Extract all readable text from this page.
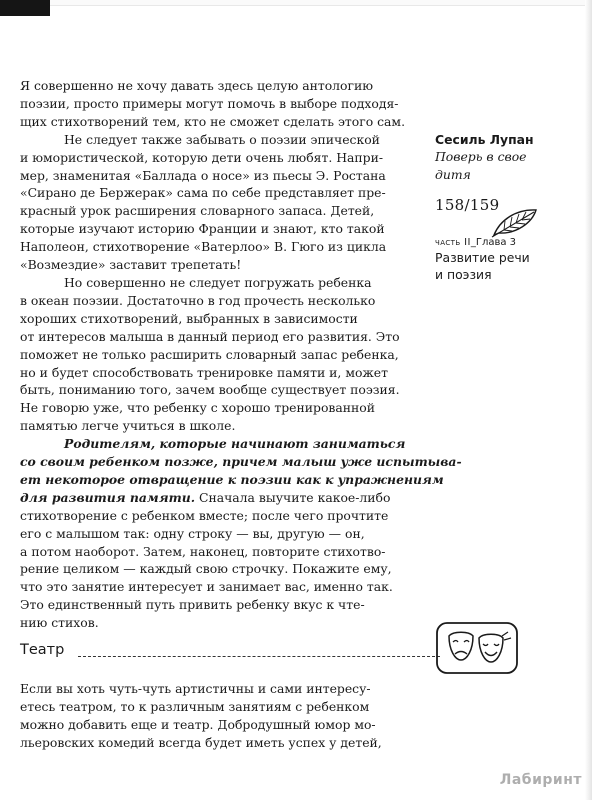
Я совершенно не хочу давать здесь целую антологию
поэзии, просто примеры могут помочь в выборе подходя-
щих стихотворений тем, кто не сможет сделать этого сам.
Не следует также забывать о поэзии эпической
и юмористической, которую дети очень любят. Напри-
мер, знаменитая «Баллада о носе» из пьесы Э. Ростана
«Сирано де Бержерак» сама по себе представляет пре-
красный урок расширения словарного запаса. Детей,
которые изучают историю Франции и знают, кто такой
Наполеон, стихотворение «Ватерлоо» В. Гюго из цикла
«Возмездие» заставит трепетать!
Но совершенно не следует погружать ребенка
в океан поэзии. Достаточно в год прочесть несколько
хороших стихотворений, выбранных в зависимости
от интересов малыша в данный период его развития. Это
поможет не только расширить словарный запас ребенка,
но и будет способствовать тренировке памяти и, может
быть, пониманию того, зачем вообще существует поэзия.
Не говорю уже, что ребенку с хорошо тренированной
памятью легче учиться в школе.
Родителям, которые начинают заниматься
со своим ребенком позже, причем малыш уже испытыва-
ет некоторое отвращение к поэзии как к упражнениям
для развития памяти. Сначала выучите какое-либо
стихотворение с ребенком вместе; после чего прочтите
его с малышом так: одну строку — вы, другую — он,
а потом наоборот. Затем, наконец, повторите стихотво-
рение целиком — каждый свою строчку. Покажите ему,
что это занятие интересует и занимает вас, именно так.
Это единственный путь привить ребенку вкус к чте-
нию стихов.
Сесиль Лупан
Поверь в свое
дитя
158/159
часть II_Глава 3
Развитие речи
и поэзия
Театр
Если вы хоть чуть-чуть артистичны и сами интересу-
етесь театром, то к различным занятиям с ребенком
можно добавить еще и театр. Добродушный юмор мо-
льеровских комедий всегда будет иметь успех у детей,
Лабиринт
